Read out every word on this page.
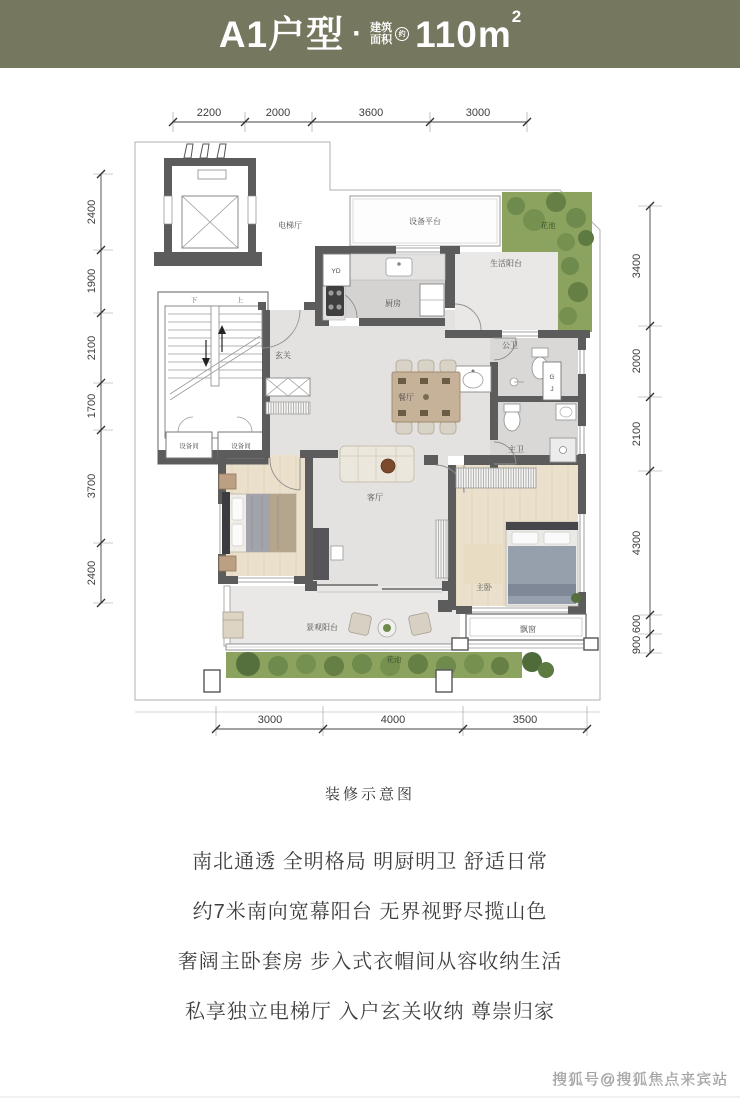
A1户型 · 建筑
面积 约 110m 2
花池
设备平台
电梯厅
下	上
设备间	设备间
飘窗
花池
YD
厨房
公卫
G
J
主卫
餐厅
玄关
生活阳台
客厅
主卧
景观阳台
2200	2000	3600	3000
2400
1900
2100
1700
3700
2400
3400
2000
2100
4300
600
900
3000	4000	3500
装修示意图

南北通透 全明格局 明厨明卫 舒适日常

约7米南向宽幕阳台 无界视野尽揽山色

奢阔主卧套房 步入式衣帽间从容收纳生活

私享独立电梯厅 入户玄关收纳 尊崇归家

搜狐号@搜狐焦点来宾站
